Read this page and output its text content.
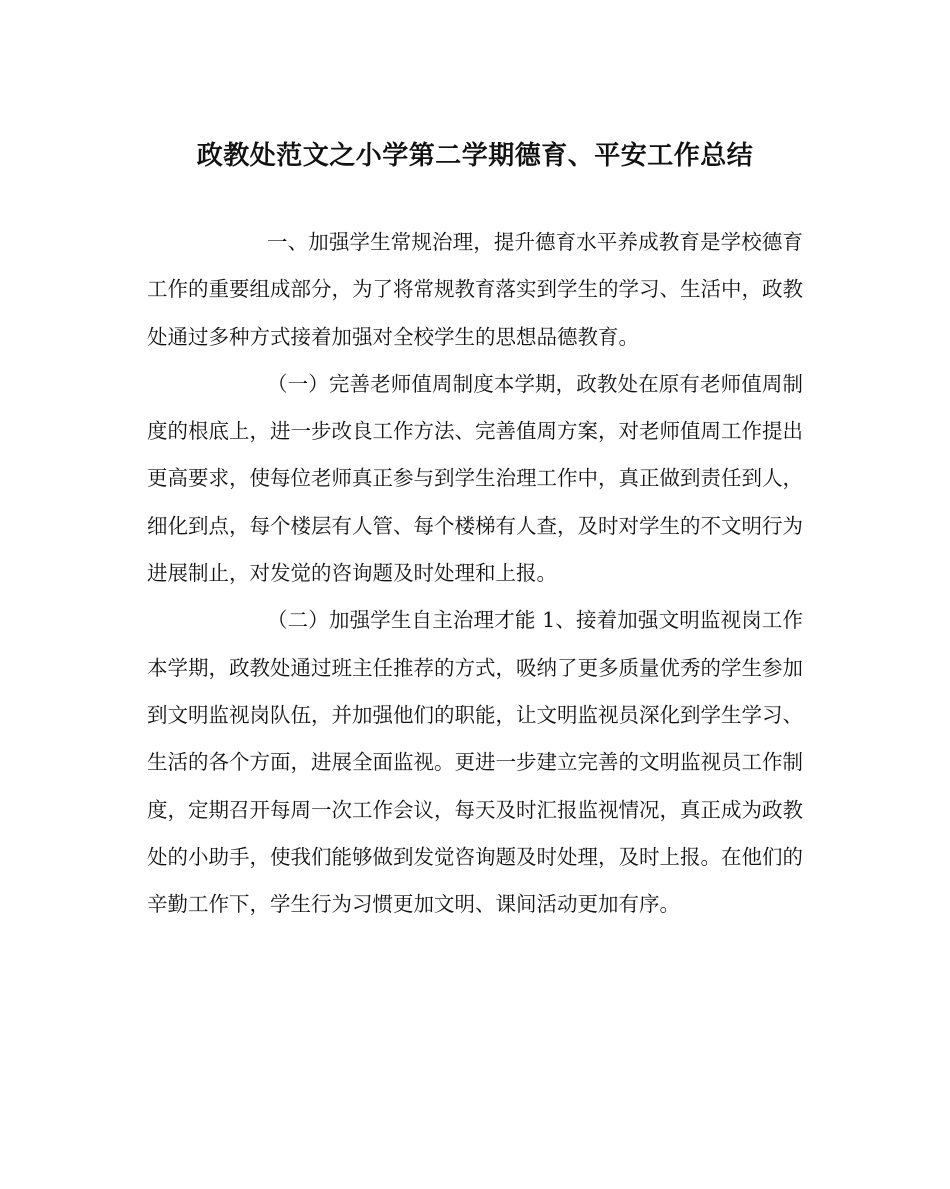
政教处范文之小学第二学期德育、平安工作总结

一、加强学生常规治理，提升德育水平养成教育是学校德育工作的重要组成部分，为了将常规教育落实到学生的学习、生活中，政教处通过多种方式接着加强对全校学生的思想品德教育。

（一）完善老师值周制度本学期，政教处在原有老师值周制度的根底上，进一步改良工作方法、完善值周方案，对老师值周工作提出更高要求，使每位老师真正参与到学生治理工作中，真正做到责任到人，细化到点，每个楼层有人管、每个楼梯有人查，及时对学生的不文明行为进展制止，对发觉的咨询题及时处理和上报。

（二）加强学生自主治理才能 1、接着加强文明监视岗工作本学期，政教处通过班主任推荐的方式，吸纳了更多质量优秀的学生参加到文明监视岗队伍，并加强他们的职能，让文明监视员深化到学生学习、生活的各个方面，进展全面监视。更进一步建立完善的文明监视员工作制度，定期召开每周一次工作会议，每天及时汇报监视情况，真正成为政教处的小助手，使我们能够做到发觉咨询题及时处理，及时上报。在他们的辛勤工作下，学生行为习惯更加文明、课间活动更加有序。
